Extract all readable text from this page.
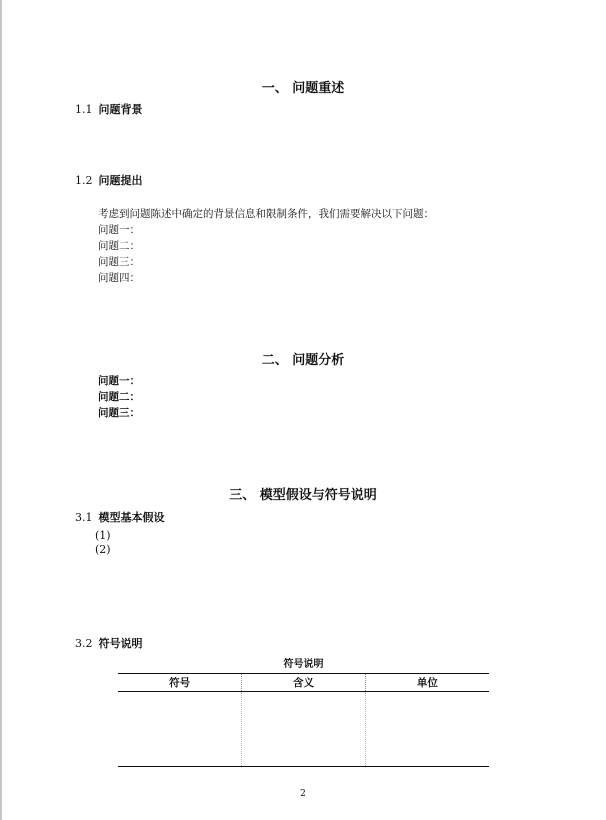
一、 问题重述
1.1 问题背景
1.2 问题提出
考虑到问题陈述中确定的背景信息和限制条件，我们需要解决以下问题：
问题一：
问题二：
问题三：
问题四：
二、 问题分析
问题一：
问题二：
问题三：
三、 模型假设与符号说明
3.1 模型基本假设
(1)
(2)
3.2 符号说明
符号说明
符号	含义	单位

2
